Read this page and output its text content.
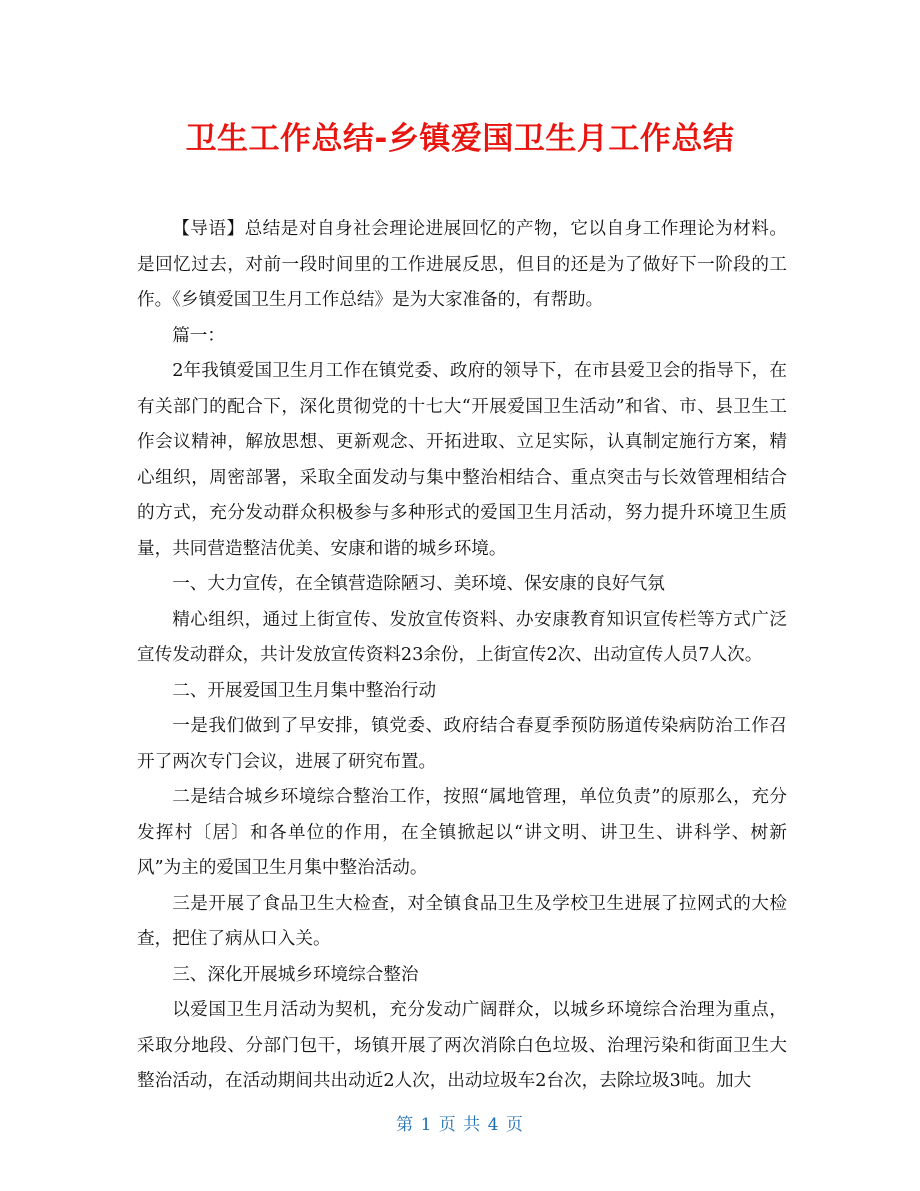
卫生工作总结-乡镇爱国卫生月工作总结

【导语】总结是对自身社会理论进展回忆的产物，它以自身工作理论为材料。是回忆过去，对前一段时间里的工作进展反思，但目的还是为了做好下一阶段的工作。《乡镇爱国卫生月工作总结》是为大家准备的，有帮助。

篇一：

2年我镇爱国卫生月工作在镇党委、政府的领导下，在市县爱卫会的指导下，在有关部门的配合下，深化贯彻党的十七大“开展爱国卫生活动”和省、市、县卫生工作会议精神，解放思想、更新观念、开拓进取、立足实际，认真制定施行方案，精心组织，周密部署，采取全面发动与集中整治相结合、重点突击与长效管理相结合的方式，充分发动群众积极参与多种形式的爱国卫生月活动，努力提升环境卫生质量，共同营造整洁优美、安康和谐的城乡环境。

一、大力宣传，在全镇营造除陋习、美环境、保安康的良好气氛

精心组织，通过上街宣传、发放宣传资料、办安康教育知识宣传栏等方式广泛宣传发动群众，共计发放宣传资料23余份，上街宣传2次、出动宣传人员7人次。

二、开展爱国卫生月集中整治行动

一是我们做到了早安排，镇党委、政府结合春夏季预防肠道传染病防治工作召开了两次专门会议，进展了研究布置。

二是结合城乡环境综合整治工作，按照“属地管理，单位负责”的原那么，充分发挥村〔居〕和各单位的作用，在全镇掀起以“讲文明、讲卫生、讲科学、树新风”为主的爱国卫生月集中整治活动。

三是开展了食品卫生大检查，对全镇食品卫生及学校卫生进展了拉网式的大检查，把住了病从口入关。

三、深化开展城乡环境综合整治

以爱国卫生月活动为契机，充分发动广阔群众，以城乡环境综合治理为重点，采取分地段、分部门包干，场镇开展了两次消除白色垃圾、治理污染和街面卫生大整治活动，在活动期间共出动近2人次，出动垃圾车2台次，去除垃圾3吨。加大

第 1 页 共 4 页
